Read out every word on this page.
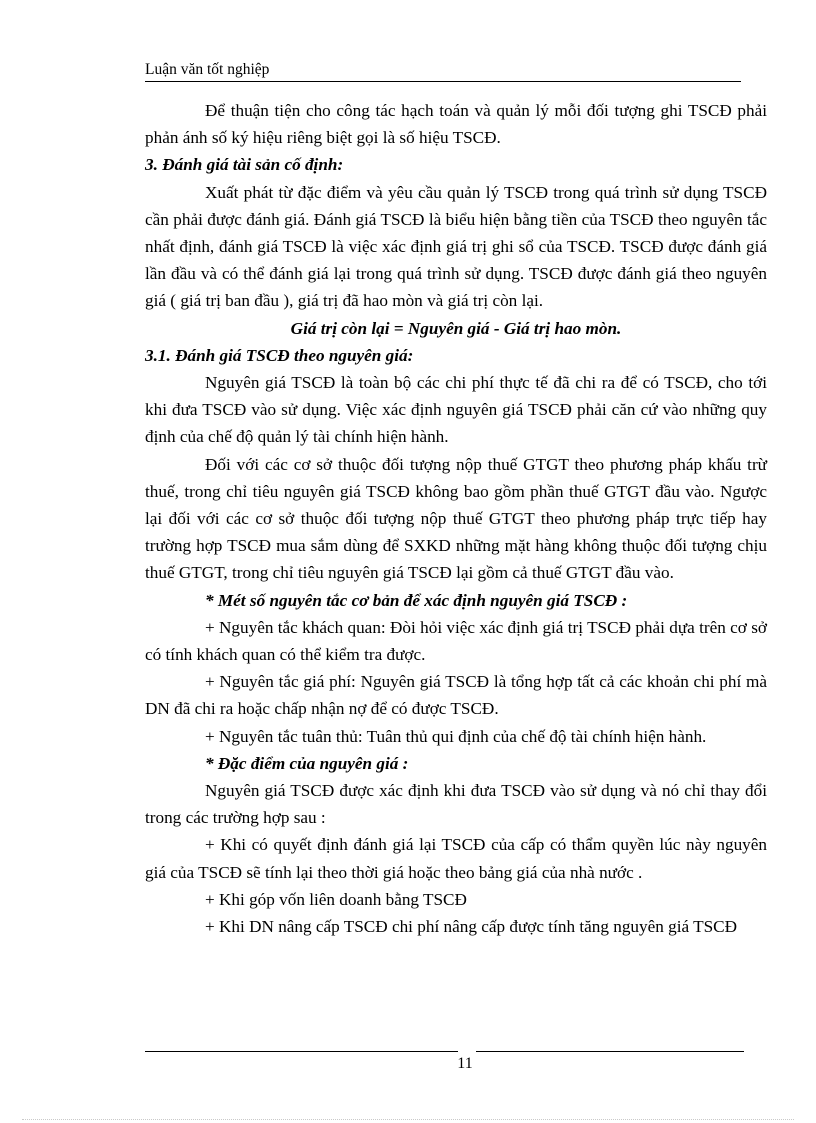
Luận văn tốt nghiệp

Để thuận tiện cho công tác hạch toán và quản lý mỗi đối tượng ghi TSCĐ phải phản ánh số ký hiệu riêng biệt gọi là số hiệu TSCĐ.

3. Đánh giá tài sản cố định:

Xuất phát từ đặc điểm và yêu cầu quản lý TSCĐ trong quá trình sử dụng TSCĐ cần phải được đánh giá. Đánh giá TSCĐ là biểu hiện bằng tiền của TSCĐ theo nguyên tắc nhất định, đánh giá TSCĐ là việc xác định giá trị ghi sổ của TSCĐ. TSCĐ được đánh giá lần đầu và có thể đánh giá lại trong quá trình sử dụng. TSCĐ được đánh giá theo nguyên giá ( giá trị ban đầu ), giá trị đã hao mòn và giá trị còn lại.

Giá trị còn lại = Nguyên giá - Giá trị hao mòn.

3.1. Đánh giá TSCĐ theo nguyên giá:

Nguyên giá TSCĐ là toàn bộ các chi phí thực tế đã chi ra để có TSCĐ, cho tới khi đưa TSCĐ vào sử dụng. Việc xác định nguyên giá TSCĐ phải căn cứ vào những quy định của chế độ quản lý tài chính hiện hành.

Đối với các cơ sở thuộc đối tượng nộp thuế GTGT theo phương pháp khấu trừ thuế, trong chỉ tiêu nguyên giá TSCĐ không bao gồm phần thuế GTGT đầu vào. Ngược lại đối với các cơ sở thuộc đối tượng nộp thuế GTGT theo phương pháp trực tiếp hay trường hợp TSCĐ mua sắm dùng để SXKD những mặt hàng không thuộc đối tượng chịu thuế GTGT, trong chỉ tiêu nguyên giá TSCĐ lại gồm cả thuế GTGT đầu vào.

* Mét số nguyên tắc cơ bản để xác định nguyên giá TSCĐ :

+ Nguyên tắc khách quan: Đòi hỏi việc xác định giá trị TSCĐ phải dựa trên cơ sở có tính khách quan có thể kiểm tra được.

+ Nguyên tắc giá phí: Nguyên giá TSCĐ là tổng hợp tất cả các khoản chi phí mà DN đã chi ra hoặc chấp nhận nợ để có được TSCĐ.

+ Nguyên tắc tuân thủ: Tuân thủ qui định của chế độ tài chính hiện hành.

* Đặc điểm của nguyên giá :

Nguyên giá TSCĐ được xác định khi đưa TSCĐ vào sử dụng và nó chỉ thay đổi trong các trường hợp sau :

+ Khi có quyết định đánh giá lại TSCĐ của cấp có thẩm quyền lúc này nguyên giá của TSCĐ sẽ tính lại theo thời giá hoặc theo bảng giá của nhà nước .

+ Khi góp vốn liên doanh bằng TSCĐ

+ Khi DN nâng cấp TSCĐ chi phí nâng cấp được tính tăng nguyên giá TSCĐ

11
